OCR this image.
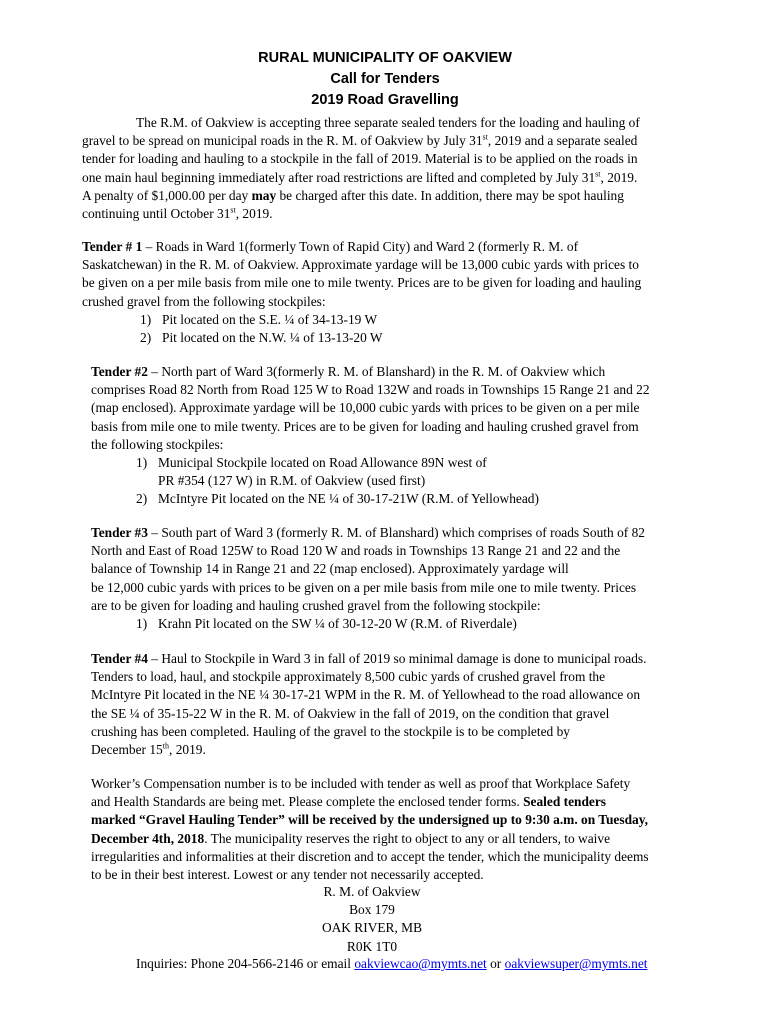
RURAL MUNICIPALITY OF OAKVIEW
Call for Tenders
2019 Road Gravelling
The R.M. of Oakview is accepting three separate sealed tenders for the loading and hauling of
gravel to be spread on municipal roads in the R. M. of Oakview by July 31st, 2019 and a separate sealed
tender for loading and hauling to a stockpile in the fall of 2019. Material is to be applied on the roads in
one main haul beginning immediately after road restrictions are lifted and completed by July 31st, 2019.
A penalty of $1,000.00 per day may be charged after this date. In addition, there may be spot hauling
continuing until October 31st, 2019.
Tender # 1 – Roads in Ward 1(formerly Town of Rapid City) and Ward 2 (formerly R. M. of
Saskatchewan) in the R. M. of Oakview. Approximate yardage will be 13,000 cubic yards with prices to
be given on a per mile basis from mile one to mile twenty. Prices are to be given for loading and hauling
crushed gravel from the following stockpiles:
1) Pit located on the S.E. ¼ of 34-13-19 W
2) Pit located on the N.W. ¼ of 13-13-20 W
Tender #2 – North part of Ward 3(formerly R. M. of Blanshard) in the R. M. of Oakview which
comprises Road 82 North from Road 125 W to Road 132W and roads in Townships 15 Range 21 and 22
(map enclosed). Approximate yardage will be 10,000 cubic yards with prices to be given on a per mile
basis from mile one to mile twenty. Prices are to be given for loading and hauling crushed gravel from
the following stockpiles:
1) Municipal Stockpile located on Road Allowance 89N west of
PR #354 (127 W) in R.M. of Oakview (used first)
2) McIntyre Pit located on the NE ¼ of 30-17-21W (R.M. of Yellowhead)
Tender #3 – South part of Ward 3 (formerly R. M. of Blanshard) which comprises of roads South of 82
North and East of Road 125W to Road 120 W and roads in Townships 13 Range 21 and 22 and the
balance of Township 14 in Range 21 and 22 (map enclosed). Approximately yardage will
be 12,000 cubic yards with prices to be given on a per mile basis from mile one to mile twenty. Prices
are to be given for loading and hauling crushed gravel from the following stockpile:
1) Krahn Pit located on the SW ¼ of 30-12-20 W (R.M. of Riverdale)
Tender #4 – Haul to Stockpile in Ward 3 in fall of 2019 so minimal damage is done to municipal roads.
Tenders to load, haul, and stockpile approximately 8,500 cubic yards of crushed gravel from the
McIntyre Pit located in the NE ¼ 30-17-21 WPM in the R. M. of Yellowhead to the road allowance on
the SE ¼ of 35-15-22 W in the R. M. of Oakview in the fall of 2019, on the condition that gravel
crushing has been completed. Hauling of the gravel to the stockpile is to be completed by
December 15th, 2019.
Worker’s Compensation number is to be included with tender as well as proof that Workplace Safety
and Health Standards are being met. Please complete the enclosed tender forms. Sealed tenders
marked “Gravel Hauling Tender” will be received by the undersigned up to 9:30 a.m. on Tuesday,
December 4th, 2018. The municipality reserves the right to object to any or all tenders, to waive
irregularities and informalities at their discretion and to accept the tender, which the municipality deems
to be in their best interest. Lowest or any tender not necessarily accepted.
R. M. of Oakview
Box 179
OAK RIVER, MB
R0K 1T0
Inquiries: Phone 204-566-2146 or email oakviewcao@mymts.net or oakviewsuper@mymts.net
